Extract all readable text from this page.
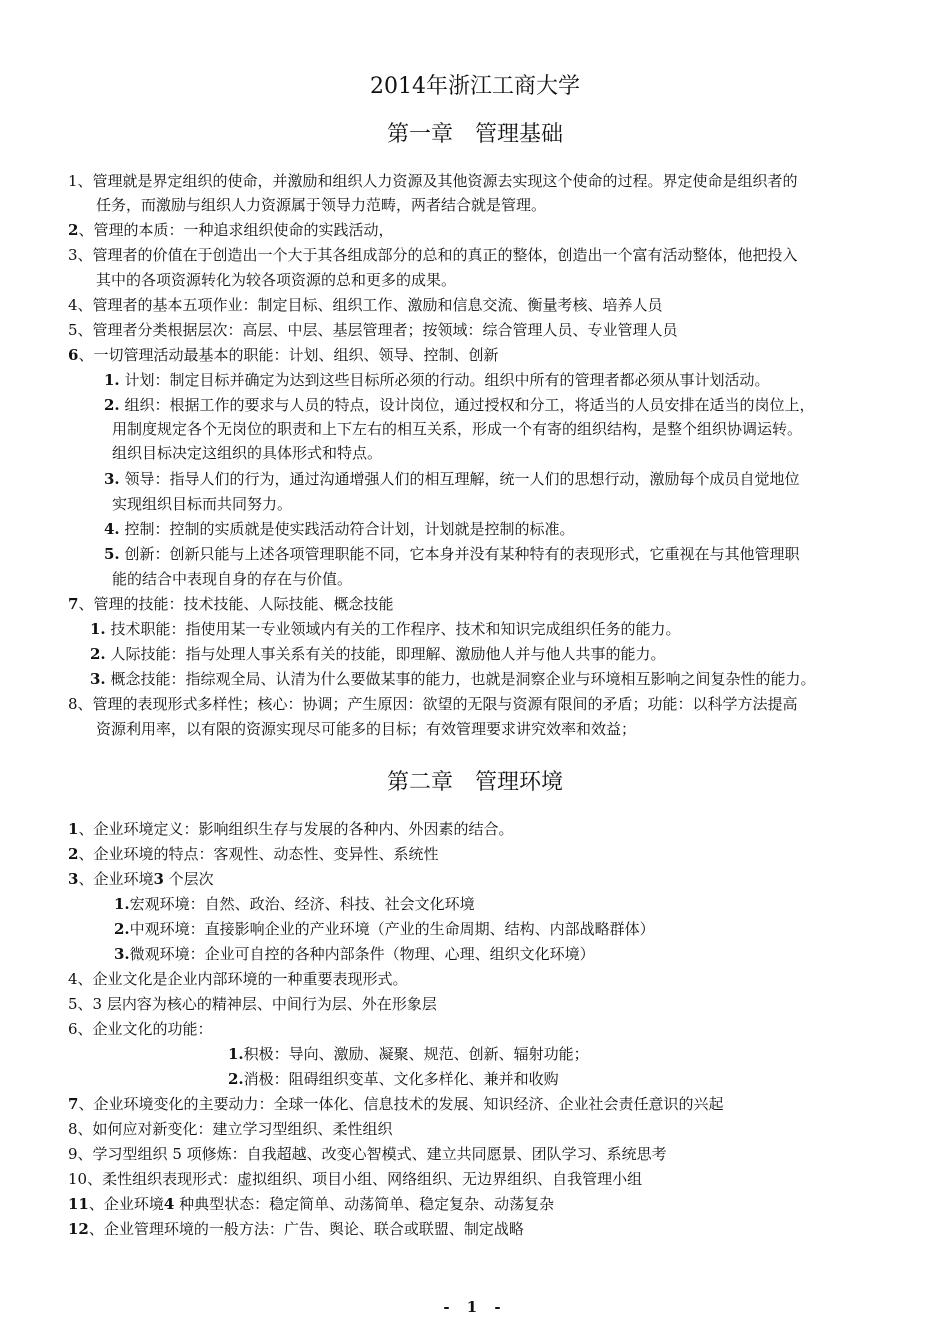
2014年浙江工商大学
第一章　管理基础
1、管理就是界定组织的使命，并激励和组织人力资源及其他资源去实现这个使命的过程。界定使命是组织者的
任务，而激励与组织人力资源属于领导力范畴，两者结合就是管理。
2、管理的本质：一种追求组织使命的实践活动，
3、管理者的价值在于创造出一个大于其各组成部分的总和的真正的整体，创造出一个富有活动整体，他把投入
其中的各项资源转化为较各项资源的总和更多的成果。
4、管理者的基本五项作业：制定目标、组织工作、激励和信息交流、衡量考核、培养人员
5、管理者分类根据层次：高层、中层、基层管理者；按领域：综合管理人员、专业管理人员
6、一切管理活动最基本的职能：计划、组织、领导、控制、创新
1. 计划：制定目标并确定为达到这些目标所必须的行动。组织中所有的管理者都必须从事计划活动。
2. 组织：根据工作的要求与人员的特点，设计岗位，通过授权和分工，将适当的人员安排在适当的岗位上，
用制度规定各个无岗位的职责和上下左右的相互关系，形成一个有寄的组织结构，是整个组织协调运转。
组织目标决定这组织的具体形式和特点。
3. 领导：指导人们的行为，通过沟通增强人们的相互理解，统一人们的思想行动，激励每个成员自觉地位
实现组织目标而共同努力。
4. 控制：控制的实质就是使实践活动符合计划，计划就是控制的标准。
5. 创新：创新只能与上述各项管理职能不同，它本身并没有某种特有的表现形式，它重视在与其他管理职
能的结合中表现自身的存在与价值。
7、管理的技能：技术技能、人际技能、概念技能
1. 技术职能：指使用某一专业领域内有关的工作程序、技术和知识完成组织任务的能力。
2. 人际技能：指与处理人事关系有关的技能，即理解、激励他人并与他人共事的能力。
3. 概念技能：指综观全局、认清为什么要做某事的能力，也就是洞察企业与环境相互影响之间复杂性的能力。
8、管理的表现形式多样性；核心：协调；产生原因：欲望的无限与资源有限间的矛盾；功能：以科学方法提高
资源利用率，以有限的资源实现尽可能多的目标；有效管理要求讲究效率和效益；
第二章　管理环境
1、企业环境定义：影响组织生存与发展的各种内、外因素的结合。
2、企业环境的特点：客观性、动态性、变异性、系统性
3、企业环境3 个层次
1.宏观环境：自然、政治、经济、科技、社会文化环境
2.中观环境：直接影响企业的产业环境（产业的生命周期、结构、内部战略群体）
3.微观环境：企业可自控的各种内部条件（物理、心理、组织文化环境）
4、企业文化是企业内部环境的一种重要表现形式。
5、3 层内容为核心的精神层、中间行为层、外在形象层
6、企业文化的功能：
1.积极：导向、激励、凝聚、规范、创新、辐射功能；
2.消极：阻碍组织变革、文化多样化、兼并和收购
7、企业环境变化的主要动力：全球一体化、信息技术的发展、知识经济、企业社会责任意识的兴起
8、如何应对新变化：建立学习型组织、柔性组织
9、学习型组织 5 项修炼：自我超越、改变心智模式、建立共同愿景、团队学习、系统思考
10、柔性组织表现形式：虚拟组织、项目小组、网络组织、无边界组织、自我管理小组
11、企业环境4 种典型状态：稳定简单、动荡简单、稳定复杂、动荡复杂
12、企业管理环境的一般方法：广告、舆论、联合或联盟、制定战略
- 1 -
